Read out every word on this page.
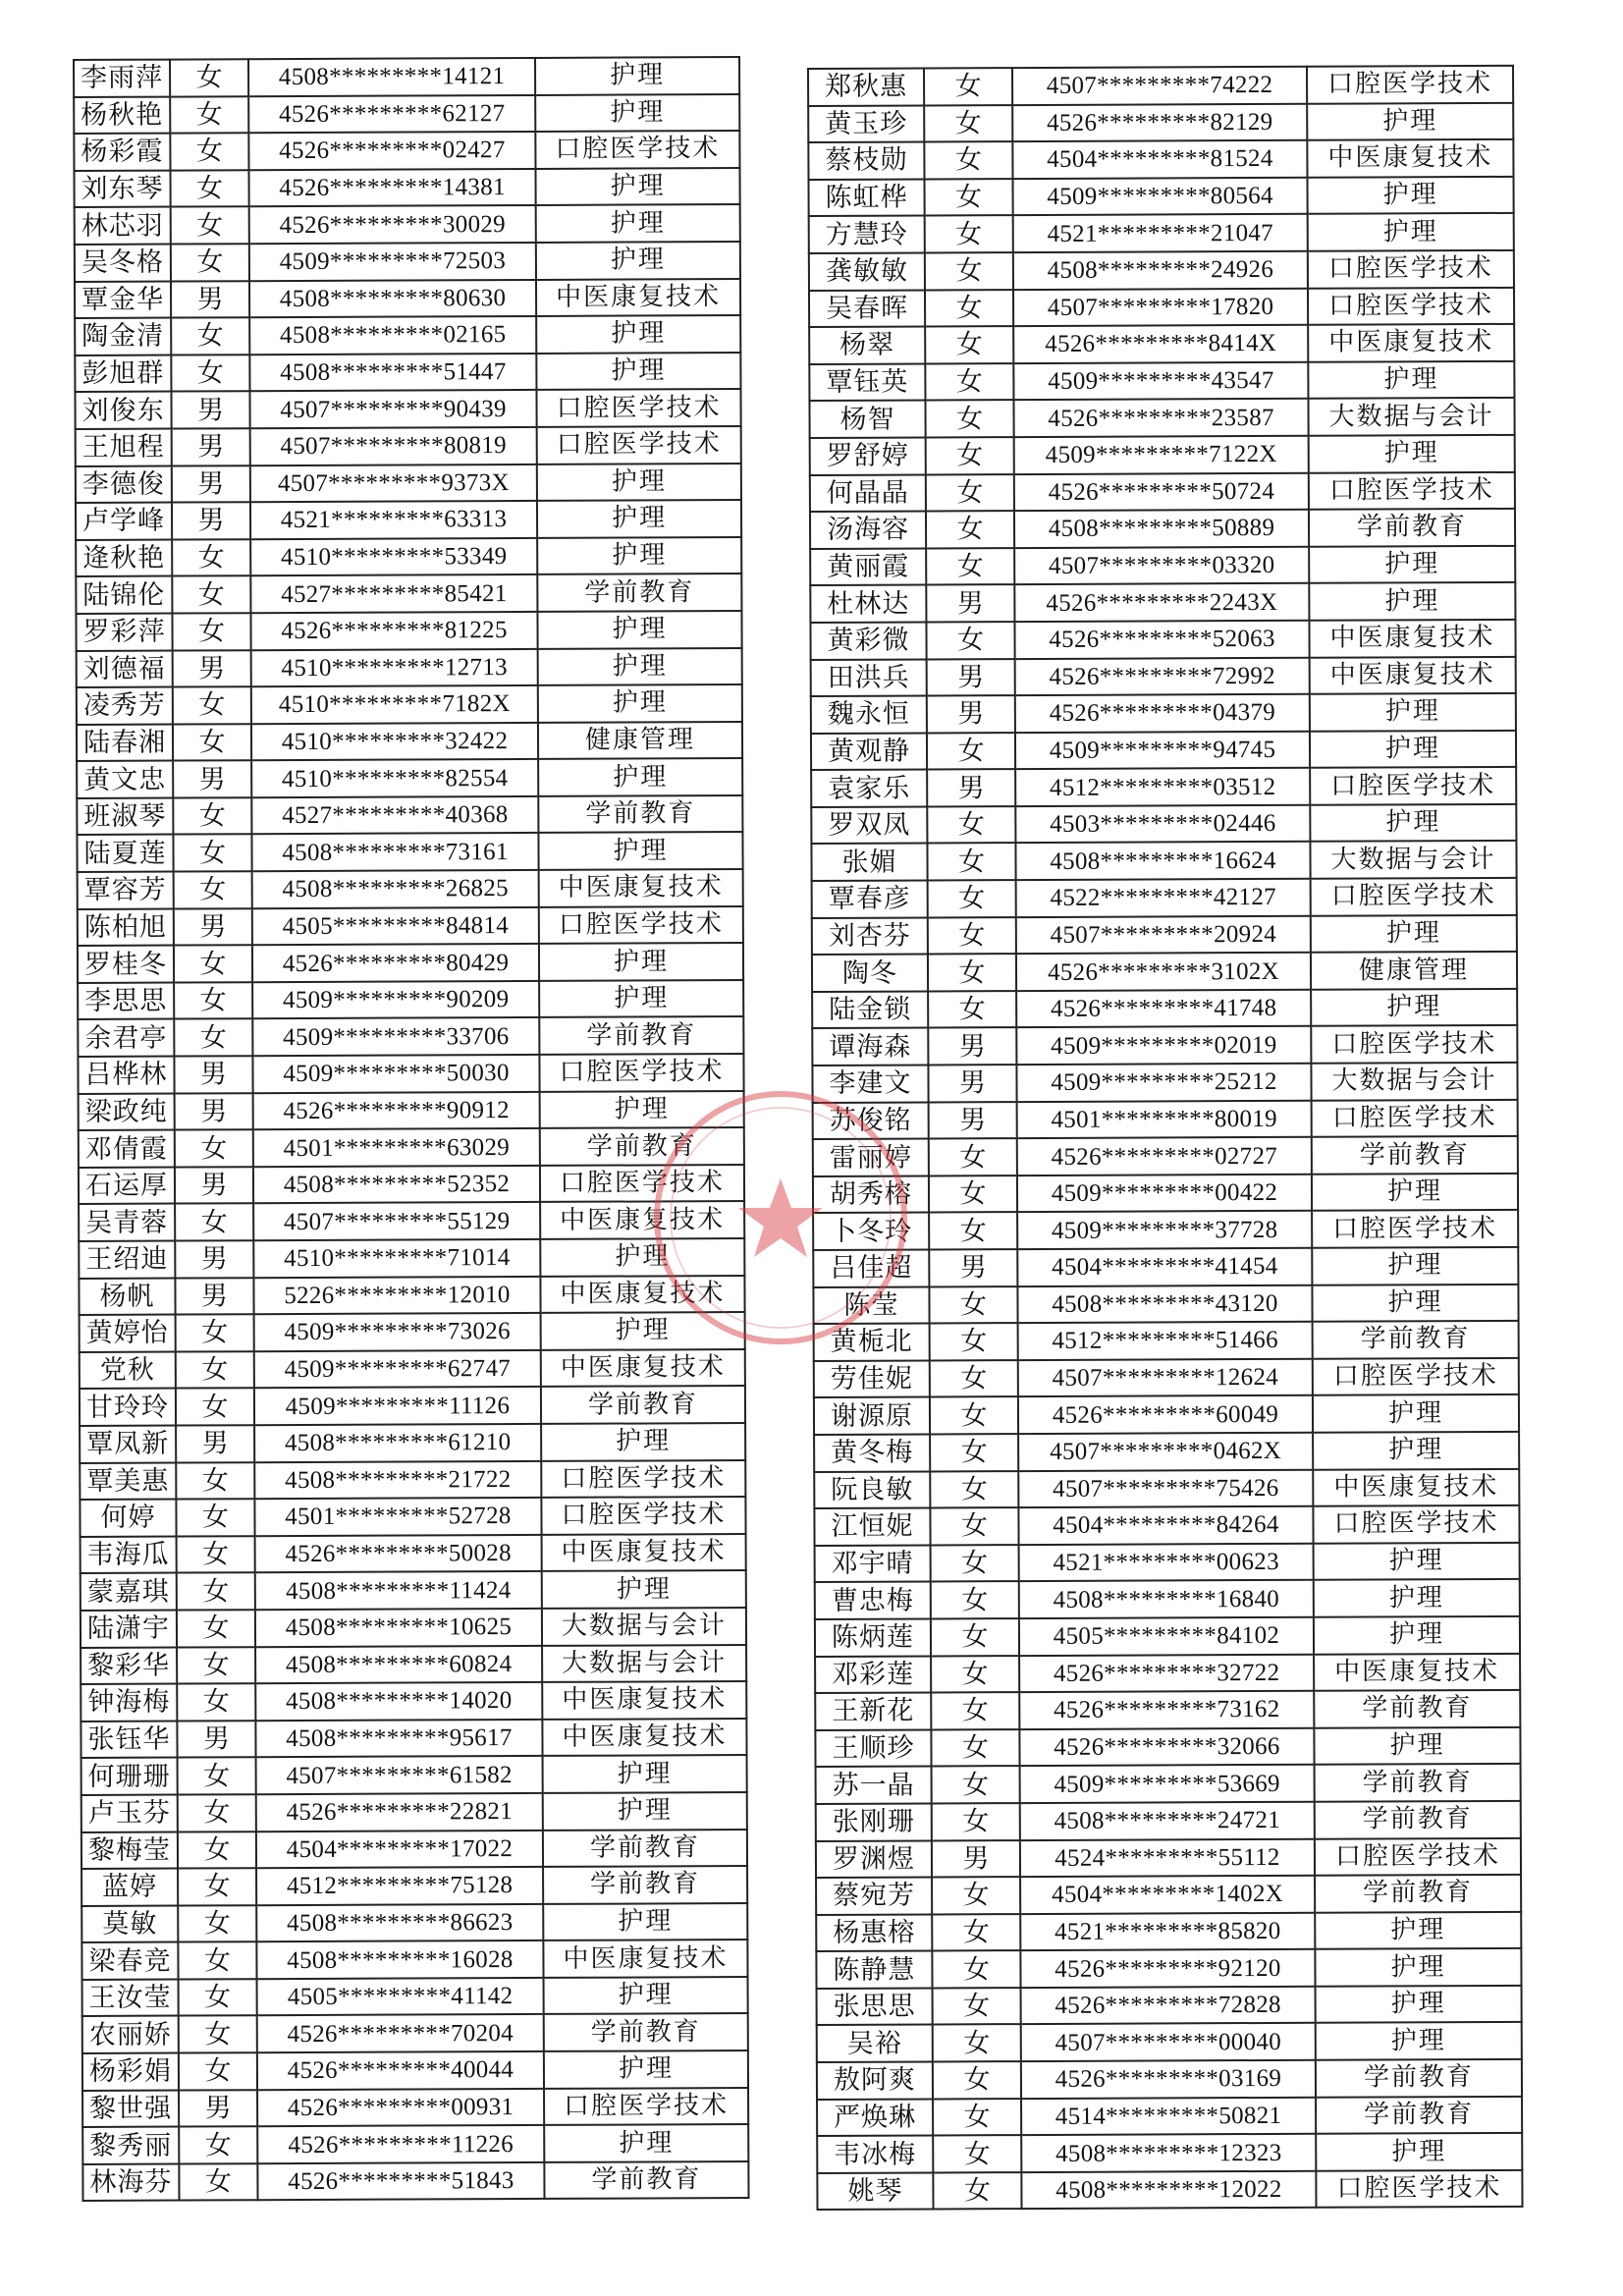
李雨萍	女	4508*********14121	护理
杨秋艳	女	4526*********62127	护理
杨彩霞	女	4526*********02427	口腔医学技术
刘东琴	女	4526*********14381	护理
林芯羽	女	4526*********30029	护理
吴冬格	女	4509*********72503	护理
覃金华	男	4508*********80630	中医康复技术
陶金清	女	4508*********02165	护理
彭旭群	女	4508*********51447	护理
刘俊东	男	4507*********90439	口腔医学技术
王旭程	男	4507*********80819	口腔医学技术
李德俊	男	4507*********9373X	护理
卢学峰	男	4521*********63313	护理
逄秋艳	女	4510*********53349	护理
陆锦伦	女	4527*********85421	学前教育
罗彩萍	女	4526*********81225	护理
刘德福	男	4510*********12713	护理
凌秀芳	女	4510*********7182X	护理
陆春湘	女	4510*********32422	健康管理
黄文忠	男	4510*********82554	护理
班淑琴	女	4527*********40368	学前教育
陆夏莲	女	4508*********73161	护理
覃容芳	女	4508*********26825	中医康复技术
陈柏旭	男	4505*********84814	口腔医学技术
罗桂冬	女	4526*********80429	护理
李思思	女	4509*********90209	护理
余君亭	女	4509*********33706	学前教育
吕桦林	男	4509*********50030	口腔医学技术
梁政纯	男	4526*********90912	护理
邓倩霞	女	4501*********63029	学前教育
石运厚	男	4508*********52352	口腔医学技术
吴青蓉	女	4507*********55129	中医康复技术
王绍迪	男	4510*********71014	护理
杨帆	男	5226*********12010	中医康复技术
黄婷怡	女	4509*********73026	护理
党秋	女	4509*********62747	中医康复技术
甘玲玲	女	4509*********11126	学前教育
覃凤新	男	4508*********61210	护理
覃美惠	女	4508*********21722	口腔医学技术
何婷	女	4501*********52728	口腔医学技术
韦海瓜	女	4526*********50028	中医康复技术
蒙嘉琪	女	4508*********11424	护理
陆潇宇	女	4508*********10625	大数据与会计
黎彩华	女	4508*********60824	大数据与会计
钟海梅	女	4508*********14020	中医康复技术
张钰华	男	4508*********95617	中医康复技术
何珊珊	女	4507*********61582	护理
卢玉芬	女	4526*********22821	护理
黎梅莹	女	4504*********17022	学前教育
蓝婷	女	4512*********75128	学前教育
莫敏	女	4508*********86623	护理
梁春竞	女	4508*********16028	中医康复技术
王汝莹	女	4505*********41142	护理
农丽娇	女	4526*********70204	学前教育
杨彩娟	女	4526*********40044	护理
黎世强	男	4526*********00931	口腔医学技术
黎秀丽	女	4526*********11226	护理
林海芬	女	4526*********51843	学前教育
郑秋惠	女	4507*********74222	口腔医学技术
黄玉珍	女	4526*********82129	护理
蔡枝勋	女	4504*********81524	中医康复技术
陈虹桦	女	4509*********80564	护理
方慧玲	女	4521*********21047	护理
龚敏敏	女	4508*********24926	口腔医学技术
吴春晖	女	4507*********17820	口腔医学技术
杨翠	女	4526*********8414X	中医康复技术
覃钰英	女	4509*********43547	护理
杨智	女	4526*********23587	大数据与会计
罗舒婷	女	4509*********7122X	护理
何晶晶	女	4526*********50724	口腔医学技术
汤海容	女	4508*********50889	学前教育
黄丽霞	女	4507*********03320	护理
杜林达	男	4526*********2243X	护理
黄彩微	女	4526*********52063	中医康复技术
田洪兵	男	4526*********72992	中医康复技术
魏永恒	男	4526*********04379	护理
黄观静	女	4509*********94745	护理
袁家乐	男	4512*********03512	口腔医学技术
罗双凤	女	4503*********02446	护理
张媚	女	4508*********16624	大数据与会计
覃春彦	女	4522*********42127	口腔医学技术
刘杏芬	女	4507*********20924	护理
陶冬	女	4526*********3102X	健康管理
陆金锁	女	4526*********41748	护理
谭海森	男	4509*********02019	口腔医学技术
李建文	男	4509*********25212	大数据与会计
苏俊铭	男	4501*********80019	口腔医学技术
雷丽婷	女	4526*********02727	学前教育
胡秀榕	女	4509*********00422	护理
卜冬玲	女	4509*********37728	口腔医学技术
吕佳超	男	4504*********41454	护理
陈莹	女	4508*********43120	护理
黄栀北	女	4512*********51466	学前教育
劳佳妮	女	4507*********12624	口腔医学技术
谢源原	女	4526*********60049	护理
黄冬梅	女	4507*********0462X	护理
阮良敏	女	4507*********75426	中医康复技术
江恒妮	女	4504*********84264	口腔医学技术
邓宇晴	女	4521*********00623	护理
曹忠梅	女	4508*********16840	护理
陈炳莲	女	4505*********84102	护理
邓彩莲	女	4526*********32722	中医康复技术
王新花	女	4526*********73162	学前教育
王顺珍	女	4526*********32066	护理
苏一晶	女	4509*********53669	学前教育
张刚珊	女	4508*********24721	学前教育
罗渊煜	男	4524*********55112	口腔医学技术
蔡宛芳	女	4504*********1402X	学前教育
杨惠榕	女	4521*********85820	护理
陈静慧	女	4526*********92120	护理
张思思	女	4526*********72828	护理
吴裕	女	4507*********00040	护理
敖阿爽	女	4526*********03169	学前教育
严焕琳	女	4514*********50821	学前教育
韦冰梅	女	4508*********12323	护理
姚琴	女	4508*********12022	口腔医学技术
